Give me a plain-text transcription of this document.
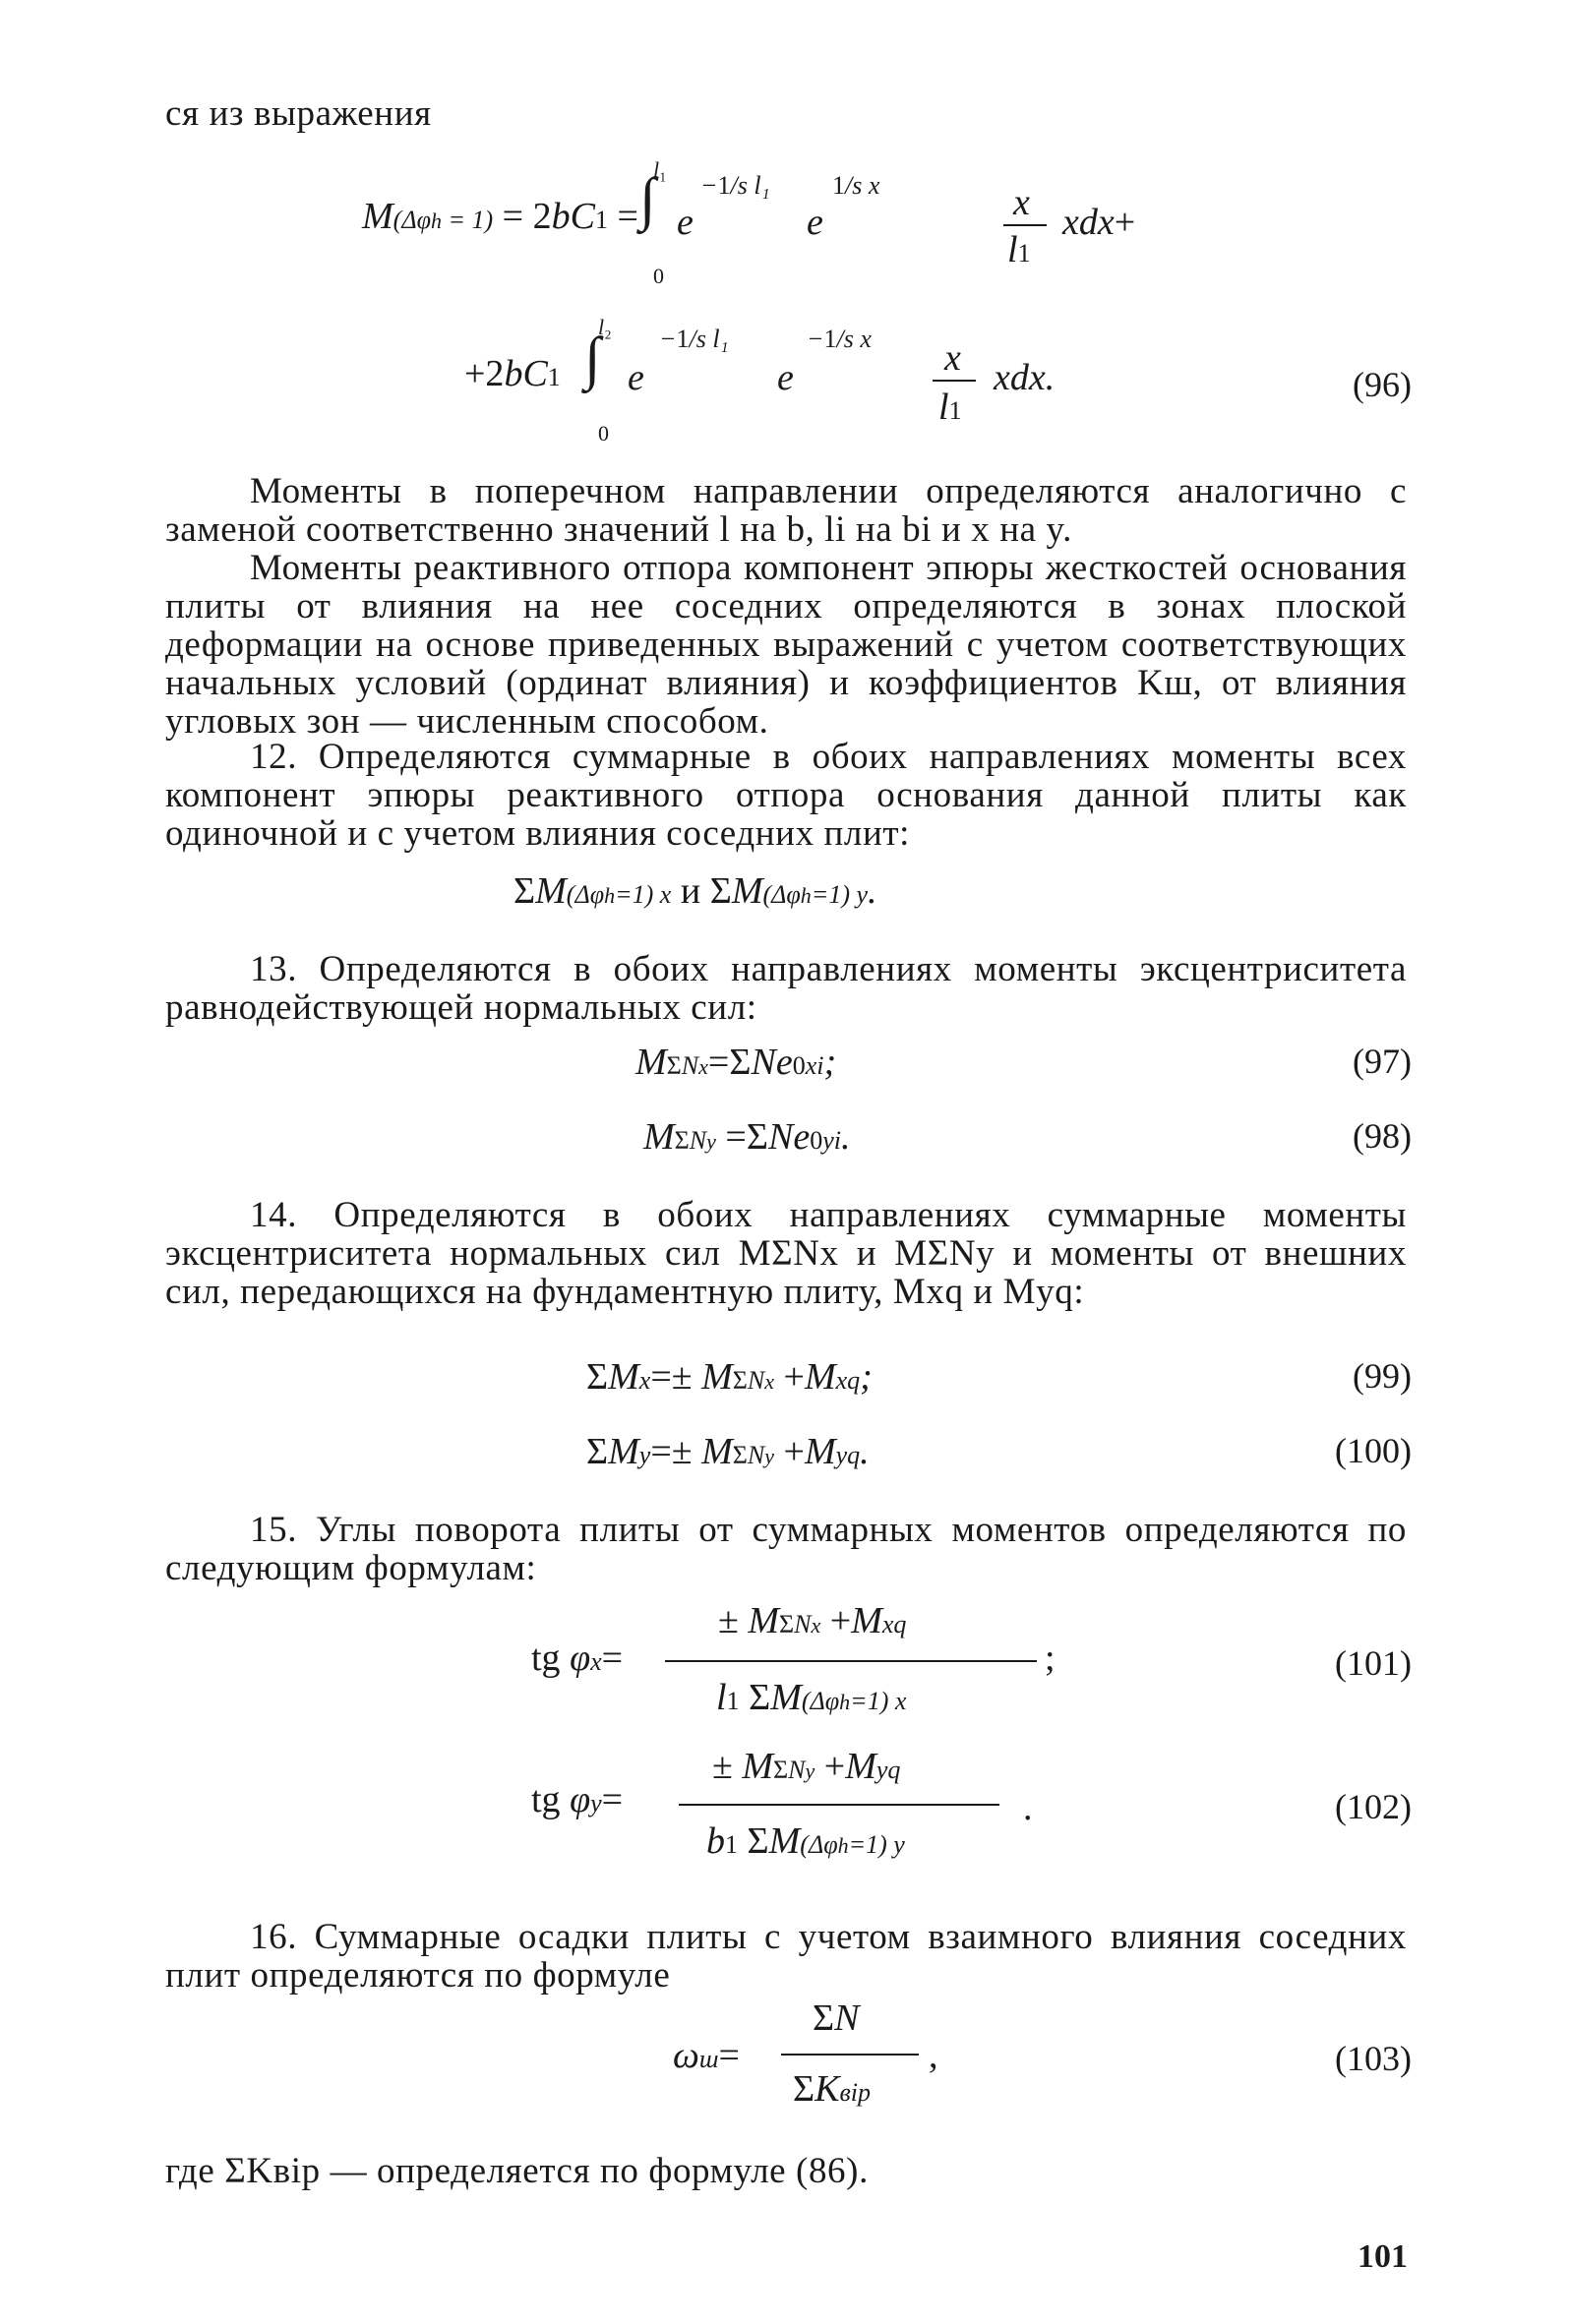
ся из выражения
M(Δφh = 1) = 2bC1 = ∫
l₁
0
e
−1/s l₁
e
1/s x	x
l1
xdx+
+2bC1 ∫
l₂
0
e
−1/s l₁
e
−1/s x x
l1
xdx.	(96)
Моменты в поперечном направлении определяются аналогично с заменой соответственно значений l на b, li на bi и x на y.
Моменты реактивного отпора компонент эпюры жесткостей основания плиты от влияния на нее соседних определяются в зонах плоской деформации на основе приведенных выражений с учетом соответствующих начальных условий (ординат влияния) и коэффициентов Kш, от влияния угловых зон — численным способом.
12. Определяются суммарные в обоих направлениях моменты всех компонент эпюры реактивного отпора основания данной плиты как одиночной и с учетом влияния соседних плит:
ΣM(Δφh=1) x и ΣM(Δφh=1) y.
13. Определяются в обоих направлениях моменты эксцентриситета равнодействующей нормальных сил:
MΣNx=ΣNe0xi;	(97)
MΣNy =ΣNe0yi.	(98)
14. Определяются в обоих направлениях суммарные моменты эксцентриситета нормальных сил MΣNx и MΣNy и моменты от внешних сил, передающихся на фундаментную плиту, Mxq и Myq:
ΣMx=± MΣNx +Mxq;	(99)
ΣMy=± MΣNy +Myq.	(100)
15. Углы поворота плиты от суммарных моментов определяются по следующим формулам:
tg φx=
± MΣNx +Mxq
l1 ΣM(Δφh=1) x
;	(101)
tg φy=
± MΣNy +Myq
b1 ΣM(Δφh=1) y
.	(102)
16. Суммарные осадки плиты с учетом взаимного влияния соседних плит определяются по формуле
ωш=
ΣN
ΣKвip
,	(103)
где ΣKвip — определяется по формуле (86).
101
